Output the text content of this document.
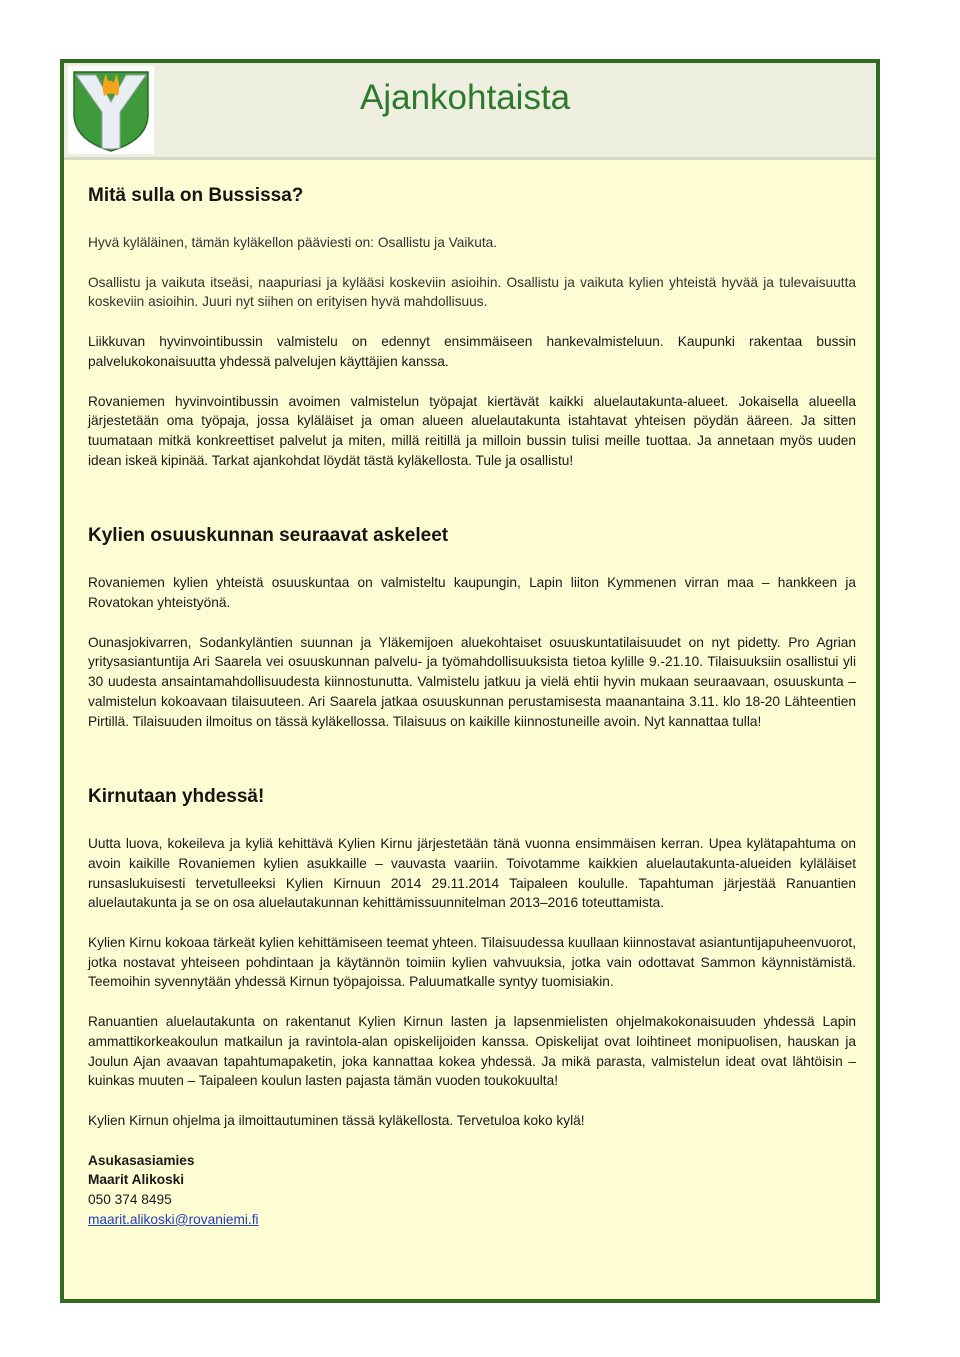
Ajankohtaista
Mitä sulla on Bussissa?

Hyvä kyläläinen, tämän kyläkellon pääviesti on: Osallistu ja Vaikuta.

Osallistu ja vaikuta itseäsi, naapuriasi ja kylääsi koskeviin asioihin. Osallistu ja vaikuta kylien yhteistä hyvää ja tulevaisuutta koskeviin asioihin. Juuri nyt siihen on erityisen hyvä mahdollisuus.

Liikkuvan hyvinvointibussin valmistelu on edennyt ensimmäiseen hankevalmisteluun. Kaupunki rakentaa bussin palvelukokonaisuutta yhdessä palvelujen käyttäjien kanssa.

Rovaniemen hyvinvointibussin avoimen valmistelun työpajat kiertävät kaikki aluelautakunta-alueet. Jokaisella alueella järjestetään oma työpaja, jossa kyläläiset ja oman alueen aluelautakunta istahtavat yhteisen pöydän ääreen. Ja sitten tuumataan mitkä konkreettiset palvelut ja miten, millä reitillä ja milloin bussin tulisi meille tuottaa. Ja annetaan myös uuden idean iskeä kipinää. Tarkat ajankohdat löydät tästä kyläkellosta. Tule ja osallistu!

Kylien osuuskunnan seuraavat askeleet

Rovaniemen kylien yhteistä osuuskuntaa on valmisteltu kaupungin, Lapin liiton Kymmenen virran maa – hankkeen ja Rovatokan yhteistyönä.

Ounasjokivarren, Sodankyläntien suunnan ja Yläkemijoen aluekohtaiset osuuskuntatilaisuudet on nyt pidetty. Pro Agrian yritysasiantuntija Ari Saarela vei osuuskunnan palvelu- ja työmahdollisuuksista tietoa kylille 9.-21.10. Tilaisuuksiin osallistui yli 30 uudesta ansaintamahdollisuudesta kiinnostunutta. Valmistelu jatkuu ja vielä ehtii hyvin mukaan seuraavaan, osuuskunta – valmistelun kokoavaan tilaisuuteen. Ari Saarela jatkaa osuuskunnan perustamisesta maanantaina 3.11. klo 18-20 Lähteentien Pirtillä. Tilaisuuden ilmoitus on tässä kyläkellossa. Tilaisuus on kaikille kiinnostuneille avoin. Nyt kannattaa tulla!

Kirnutaan yhdessä!

Uutta luova, kokeileva ja kyliä kehittävä Kylien Kirnu järjestetään tänä vuonna ensimmäisen kerran. Upea kylätapahtuma on avoin kaikille Rovaniemen kylien asukkaille – vauvasta vaariin. Toivotamme kaikkien aluelautakunta-alueiden kyläläiset runsaslukuisesti tervetulleeksi Kylien Kirnuun 2014 29.11.2014 Taipaleen koululle. Tapahtuman järjestää Ranuantien aluelautakunta ja se on osa aluelautakunnan kehittämissuunnitelman 2013–2016 toteuttamista.

Kylien Kirnu kokoaa tärkeät kylien kehittämiseen teemat yhteen. Tilaisuudessa kuullaan kiinnostavat asiantuntijapuheenvuorot, jotka nostavat yhteiseen pohdintaan ja käytännön toimiin kylien vahvuuksia, jotka vain odottavat Sammon käynnistämistä. Teemoihin syvennytään yhdessä Kirnun työpajoissa. Paluumatkalle syntyy tuomisiakin.

Ranuantien aluelautakunta on rakentanut Kylien Kirnun lasten ja lapsenmielisten ohjelmakokonaisuuden yhdessä Lapin ammattikorkeakoulun matkailun ja ravintola-alan opiskelijoiden kanssa. Opiskelijat ovat loihtineet monipuolisen, hauskan ja Joulun Ajan avaavan tapahtumapaketin, joka kannattaa kokea yhdessä. Ja mikä parasta, valmistelun ideat ovat lähtöisin – kuinkas muuten – Taipaleen koulun lasten pajasta tämän vuoden toukokuulta!

Kylien Kirnun ohjelma ja ilmoittautuminen tässä kyläkellosta. Tervetuloa koko kylä!

Asukasasiamies
Maarit Alikoski
050 374 8495
maarit.alikoski@rovaniemi.fi
